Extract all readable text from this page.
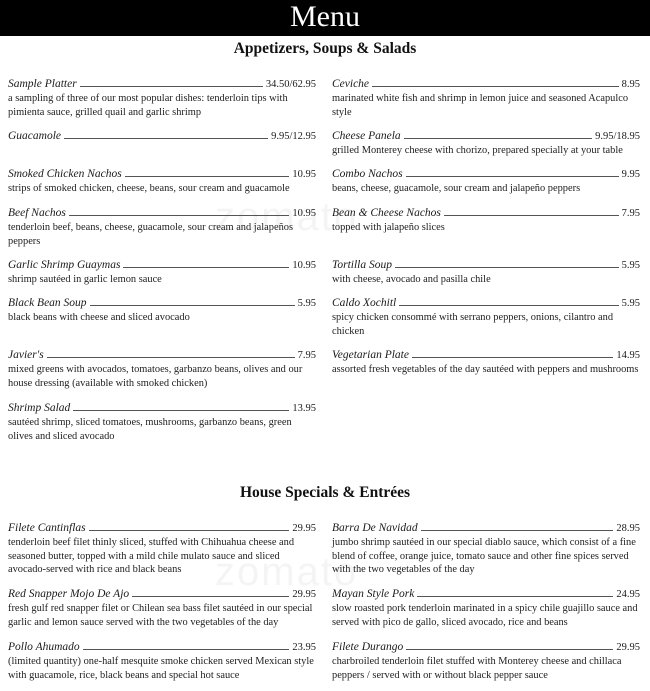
Menu
Appetizers, Soups & Salads
Sample Platter	34.50/62.95
a sampling of three of our most popular dishes: tenderloin tips with pimienta sauce, grilled quail and garlic shrimp
Guacamole	9.95/12.95
Smoked Chicken Nachos	10.95
strips of smoked chicken, cheese, beans, sour cream and guacamole
Beef Nachos	10.95
tenderloin beef, beans, cheese, guacamole, sour cream and jalapeños peppers
Garlic Shrimp Guaymas	10.95
shrimp sautéed in garlic lemon sauce
Black Bean Soup	5.95
black beans with cheese and sliced avocado
Javier's	7.95
mixed greens with avocados, tomatoes, garbanzo beans, olives and our house dressing (available with smoked chicken)
Shrimp Salad	13.95
sautéed shrimp, sliced tomatoes, mushrooms, garbanzo beans, green olives and sliced avocado
Ceviche	8.95
marinated white fish and shrimp in lemon juice and seasoned Acapulco style
Cheese Panela	9.95/18.95
grilled Monterey cheese with chorizo, prepared specially at your table
Combo Nachos	9.95
beans, cheese, guacamole, sour cream and jalapeño peppers
Bean & Cheese Nachos	7.95
topped with jalapeño slices
Tortilla Soup	5.95
with cheese, avocado and pasilla chile
Caldo Xochitl	5.95
spicy chicken consommé with serrano peppers, onions, cilantro and chicken
Vegetarian Plate	14.95
assorted fresh vegetables of the day sautéed with peppers and mushrooms
House Specials & Entrées
Filete Cantinflas	29.95
tenderloin beef filet thinly sliced, stuffed with Chihuahua cheese and seasoned butter, topped with a mild chile mulato sauce and sliced avocado-served with rice and black beans
Red Snapper Mojo De Ajo	29.95
fresh gulf red snapper filet or Chilean sea bass filet sautéed in our special garlic and lemon sauce served with the two vegetables of the day
Pollo Ahumado	23.95
(limited quantity) one-half mesquite smoke chicken served Mexican style with guacamole, rice, black beans and special hot sauce
Barra De Navidad	28.95
jumbo shrimp sautéed in our special diablo sauce, which consist of a fine blend of coffee, orange juice, tomato sauce and other fine spices served with the two vegetables of the day
Mayan Style Pork	24.95
slow roasted pork tenderloin marinated in a spicy chile guajillo sauce and served with pico de gallo, sliced avocado, rice and beans
Filete Durango	29.95
charbroiled tenderloin filet stuffed with Monterey cheese and chillaca peppers / served with or without black pepper sauce
